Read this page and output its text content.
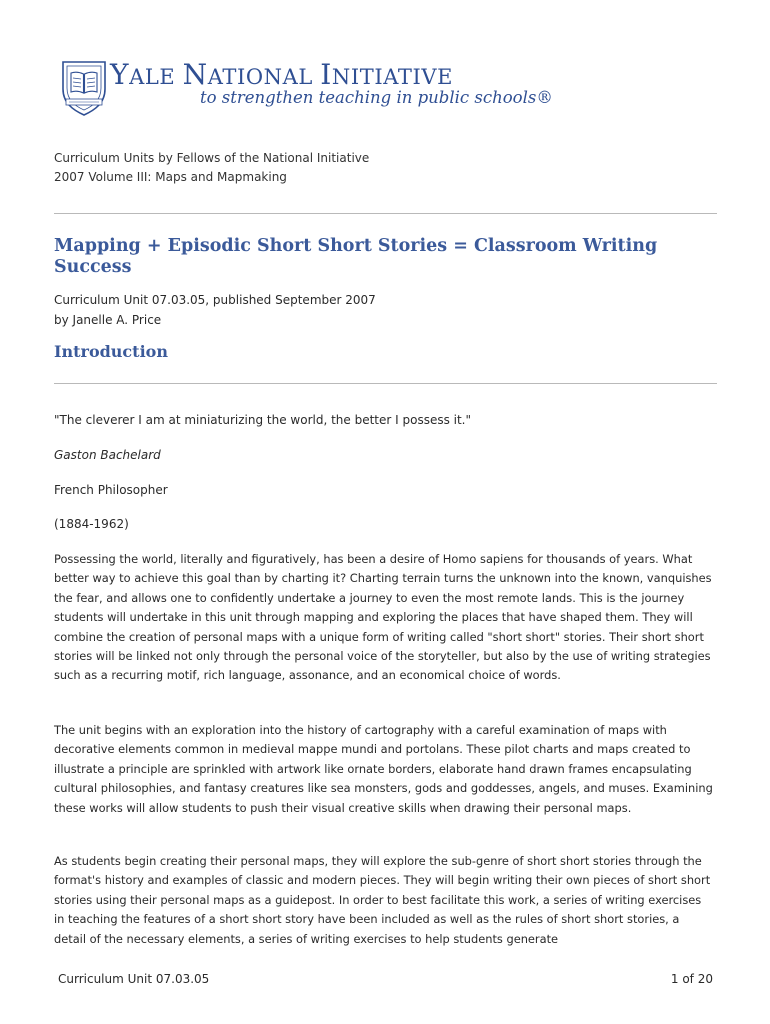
YALE NATIONAL INITIATIVE
to strengthen teaching in public schools®
Curriculum Units by Fellows of the National Initiative
2007 Volume III: Maps and Mapmaking
Mapping + Episodic Short Short Stories = Classroom Writing Success
Curriculum Unit 07.03.05, published September 2007
by Janelle A. Price
Introduction
"The cleverer I am at miniaturizing the world, the better I possess it."
Gaston Bachelard
French Philosopher
(1884-1962)

Possessing the world, literally and figuratively, has been a desire of Homo sapiens for thousands of years. What better way to achieve this goal than by charting it? Charting terrain turns the unknown into the known, vanquishes the fear, and allows one to confidently undertake a journey to even the most remote lands. This is the journey students will undertake in this unit through mapping and exploring the places that have shaped them. They will combine the creation of personal maps with a unique form of writing called "short short" stories. Their short short stories will be linked not only through the personal voice of the storyteller, but also by the use of writing strategies such as a recurring motif, rich language, assonance, and an economical choice of words.

The unit begins with an exploration into the history of cartography with a careful examination of maps with decorative elements common in medieval mappe mundi and portolans. These pilot charts and maps created to illustrate a principle are sprinkled with artwork like ornate borders, elaborate hand drawn frames encapsulating cultural philosophies, and fantasy creatures like sea monsters, gods and goddesses, angels, and muses. Examining these works will allow students to push their visual creative skills when drawing their personal maps.

As students begin creating their personal maps, they will explore the sub-genre of short short stories through the format's history and examples of classic and modern pieces. They will begin writing their own pieces of short short stories using their personal maps as a guidepost. In order to best facilitate this work, a series of writing exercises in teaching the features of a short short story have been included as well as the rules of short short stories, a detail of the necessary elements, a series of writing exercises to help students generate

Curriculum Unit 07.03.05	1 of 20
